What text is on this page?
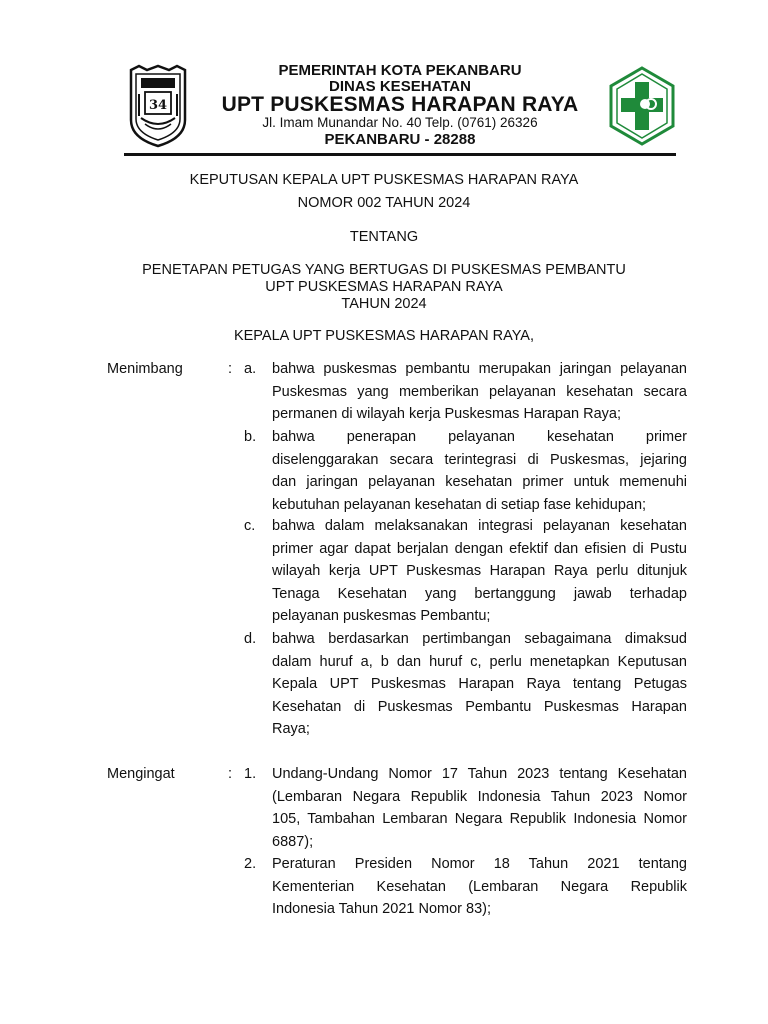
34
PEMERINTAH KOTA PEKANBARU
DINAS KESEHATAN
UPT PUSKESMAS HARAPAN RAYA
Jl. Imam Munandar No. 40 Telp. (0761) 26326
PEKANBARU - 28288
KEPUTUSAN KEPALA UPT PUSKESMAS HARAPAN RAYA
NOMOR 002 TAHUN 2024
TENTANG
PENETAPAN PETUGAS YANG BERTUGAS DI PUSKESMAS PEMBANTU
UPT PUSKESMAS HARAPAN RAYA
TAHUN 2024
KEPALA UPT PUSKESMAS HARAPAN RAYA,
Menimbang	: a.	bahwa puskesmas pembantu merupakan jaringan pelayanan
Puskesmas yang memberikan pelayanan kesehatan secara
permanen di wilayah kerja Puskesmas Harapan Raya;
b.	bahwa penerapan pelayanan kesehatan primer
diselenggarakan secara terintegrasi di Puskesmas, jejaring
dan jaringan pelayanan kesehatan primer untuk memenuhi
kebutuhan pelayanan kesehatan di setiap fase kehidupan;
c.	bahwa dalam melaksanakan integrasi pelayanan kesehatan
primer agar dapat berjalan dengan efektif dan efisien di Pustu
wilayah kerja UPT Puskesmas Harapan Raya perlu ditunjuk
Tenaga Kesehatan yang bertanggung jawab terhadap
pelayanan puskesmas Pembantu;
d.	bahwa berdasarkan pertimbangan sebagaimana dimaksud
dalam huruf a, b dan huruf c, perlu menetapkan Keputusan
Kepala UPT Puskesmas Harapan Raya tentang Petugas
Kesehatan di Puskesmas Pembantu Puskesmas Harapan
Raya;
Mengingat	: 1.	Undang-Undang Nomor 17 Tahun 2023 tentang Kesehatan
(Lembaran Negara Republik Indonesia Tahun 2023 Nomor
105, Tambahan Lembaran Negara Republik Indonesia Nomor
6887);
2.	Peraturan Presiden Nomor 18 Tahun 2021 tentang
Kementerian Kesehatan (Lembaran Negara Republik
Indonesia Tahun 2021 Nomor 83);
